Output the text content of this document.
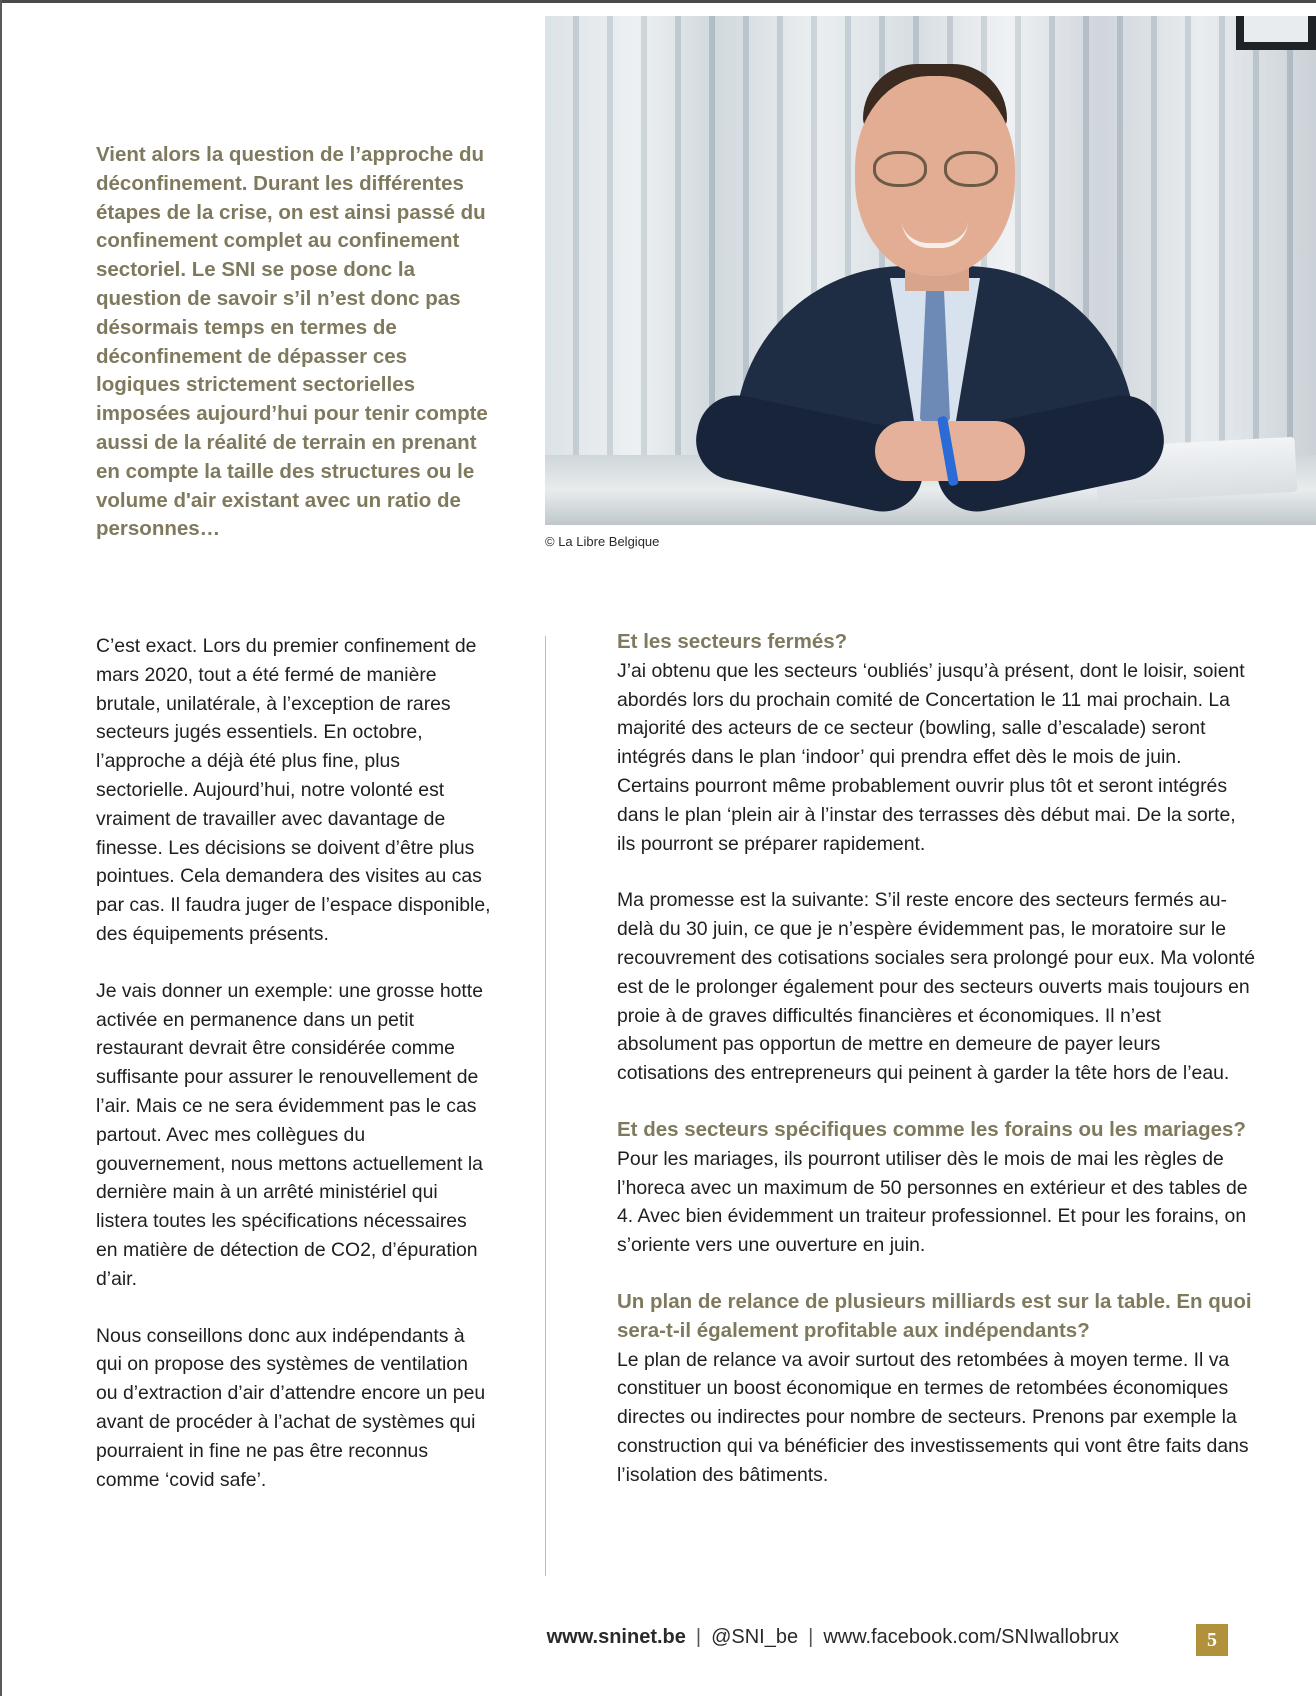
© La Libre Belgique

Vient alors la question de l’approche du déconfinement. Durant les différentes étapes de la crise, on est ainsi passé du confinement complet au confinement sectoriel. Le SNI se pose donc la question de savoir s’il n’est donc pas désormais temps en termes de déconfinement de dépasser ces logiques strictement sectorielles imposées aujourd’hui pour tenir compte aussi de la réalité de terrain en prenant en compte la taille des structures ou le volume d'air existant avec un ratio de personnes…

C’est exact. Lors du premier confinement de mars 2020, tout a été fermé de manière brutale, unilatérale, à l’exception de rares secteurs jugés essentiels. En octobre, l’approche a déjà été plus fine, plus sectorielle. Aujourd’hui, notre volonté est vraiment de travailler avec davantage de finesse. Les décisions se doivent d’être plus pointues. Cela demandera des visites au cas par cas. Il faudra juger de l’espace disponible, des équipements présents.

Je vais donner un exemple: une grosse hotte activée en permanence dans un petit restaurant devrait être considérée comme suffisante pour assurer le renouvellement de l’air. Mais ce ne sera évidemment pas le cas partout. Avec mes collègues du gouvernement, nous mettons actuellement la dernière main à un arrêté ministériel qui listera toutes les spécifications nécessaires en matière de détection de CO2, d’épuration d’air.

Nous conseillons donc aux indépendants à qui on propose des systèmes de ventilation ou d’extraction d’air d’attendre encore un peu avant de procéder à l’achat de systèmes qui pourraient in fine ne pas être reconnus comme ‘covid safe’.

Et les secteurs fermés?

J’ai obtenu que les secteurs ‘oubliés’ jusqu’à présent, dont le loisir, soient abordés lors du prochain comité de Concertation le 11 mai prochain. La majorité des acteurs de ce secteur (bowling, salle d’escalade) seront intégrés dans le plan ‘indoor’ qui prendra effet dès le mois de juin. Certains pourront même probablement ouvrir plus tôt et seront intégrés dans le plan ‘plein air à l’instar des terrasses dès début mai. De la sorte, ils pourront se préparer rapidement.

Ma promesse est la suivante: S’il reste encore des secteurs fermés au-delà du 30 juin, ce que je n’espère évidemment pas, le moratoire sur le recouvrement des cotisations sociales sera prolongé pour eux. Ma volonté est de le prolonger également pour des secteurs ouverts mais toujours en proie à de graves difficultés financières et économiques. Il n’est absolument pas opportun de mettre en demeure de payer leurs cotisations des entrepreneurs qui peinent à garder la tête hors de l’eau.

Et des secteurs spécifiques comme les forains ou les mariages?

Pour les mariages, ils pourront utiliser dès le mois de mai les règles de l’horeca avec un maximum de 50 personnes en extérieur et des tables de 4. Avec bien évidemment un traiteur professionnel. Et pour les forains, on s’oriente vers une ouverture en juin.

Un plan de relance de plusieurs milliards est sur la table. En quoi sera-t-il également profitable aux indépendants?

Le plan de relance va avoir surtout des retombées à moyen terme. Il va constituer un boost économique en termes de retombées économiques directes ou indirectes pour nombre de secteurs. Prenons par exemple la construction qui va bénéficier des investissements qui vont être faits dans l’isolation des bâtiments.

www.sninet.be | @SNI_be | www.facebook.com/SNIwallobrux	5
